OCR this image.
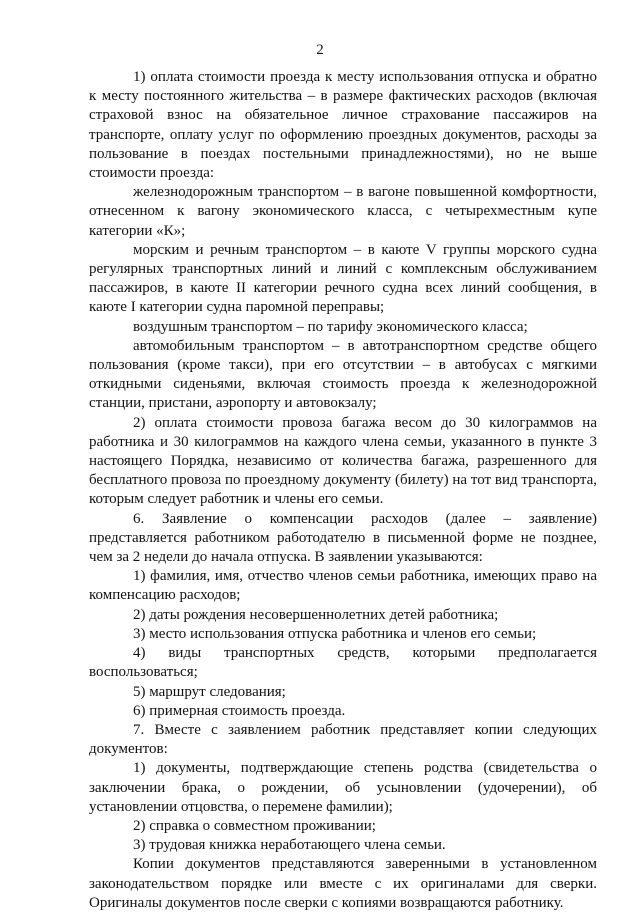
2

1) оплата стоимости проезда к месту использования отпуска и обратно к месту постоянного жительства – в размере фактических расходов (включая страховой взнос на обязательное личное страхование пассажиров на транспорте, оплату услуг по оформлению проездных документов, расходы за пользование в поездах постельными принадлежностями), но не выше стоимости проезда:

железнодорожным транспортом – в вагоне повышенной комфортности, отнесенном к вагону экономического класса, с четырехместным купе категории «К»;

морским и речным транспортом – в каюте V группы морского судна регулярных транспортных линий и линий с комплексным обслуживанием пассажиров, в каюте II категории речного судна всех линий сообщения, в каюте I категории судна паромной переправы;

воздушным транспортом – по тарифу экономического класса;

автомобильным транспортом – в автотранспортном средстве общего пользования (кроме такси), при его отсутствии – в автобусах с мягкими откидными сиденьями, включая стоимость проезда к железнодорожной станции, пристани, аэропорту и автовокзалу;

2) оплата стоимости провоза багажа весом до 30 килограммов на работника и 30 килограммов на каждого члена семьи, указанного в пункте 3 настоящего Порядка, независимо от количества багажа, разрешенного для бесплатного провоза по проездному документу (билету) на тот вид транспорта, которым следует работник и члены его семьи.

6. Заявление о компенсации расходов (далее – заявление) представляется работником работодателю в письменной форме не позднее, чем за 2 недели до начала отпуска. В заявлении указываются:

1) фамилия, имя, отчество членов семьи работника, имеющих право на компенсацию расходов;

2) даты рождения несовершеннолетних детей работника;

3) место использования отпуска работника и членов его семьи;

4) виды транспортных средств, которыми предполагается воспользоваться;

5) маршрут следования;

6) примерная стоимость проезда.

7. Вместе с заявлением работник представляет копии следующих документов:

1) документы, подтверждающие степень родства (свидетельства о заключении брака, о рождении, об усыновлении (удочерении), об установлении отцовства, о перемене фамилии);

2) справка о совместном проживании;

3) трудовая книжка неработающего члена семьи.

Копии документов представляются заверенными в установленном законодательством порядке или вместе с их оригиналами для сверки. Оригиналы документов после сверки с копиями возвращаются работнику.
